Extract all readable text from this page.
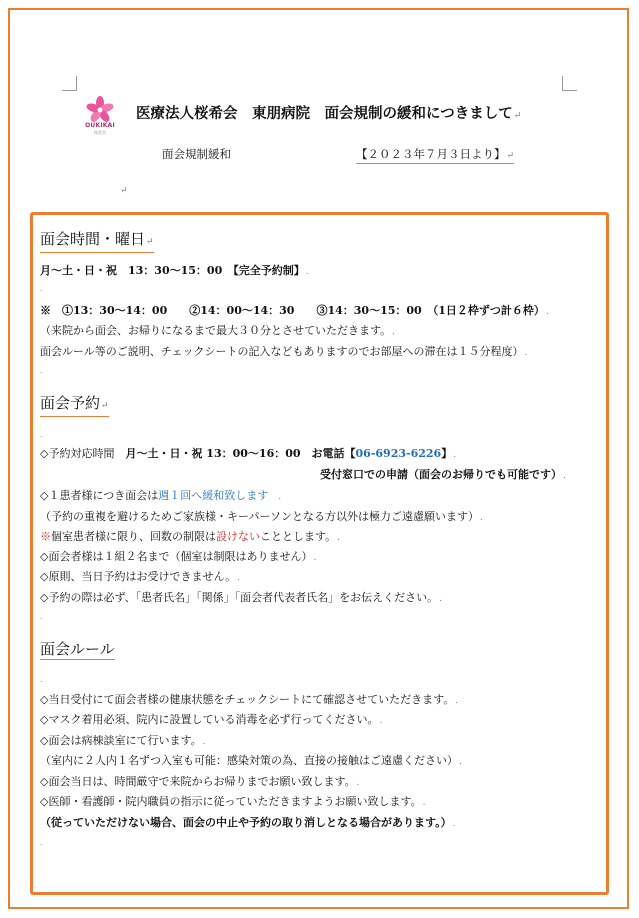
OUKIKAI
桜希会
医療法人桜希会　東朋病院　面会規制の緩和につきまして↵
面会規制緩和	【２０２３年７月３日より】↵
↵
面会時間・曜日↵
月～土・日・祝　13：30～15：00　【完全予約制】.
.
※　①13：30～14：00　　②14：00～14：30　　③14：30～15：00　（1日２枠ずつ計６枠）.
（来院から面会、お帰りになるまで最大３０分とさせていただきます。.
面会ルール等のご説明、チェックシートの記入などもありますのでお部屋への滞在は１５分程度）.
.
面会予約↵
.
◇予約対応時間　月～土・日・祝 13：00～16：00　お電話【06-6923-6226】.
受付窓口での申請（面会のお帰りでも可能です）.
◇１患者様につき面会は週１回へ緩和致します　.
（予約の重複を避けるためご家族様・キーパーソンとなる方以外は極力ご遠慮願います）.
※個室患者様に限り、回数の制限は設けないこととします。.
◇面会者様は１組２名まで（個室は制限はありません）.
◇原則、当日予約はお受けできません。.
◇予約の際は必ず、「患者氏名」「関係」「面会者代表者氏名」をお伝えください。.
.
面会ルール
.
◇当日受付にて面会者様の健康状態をチェックシートにて確認させていただきます。.
◇マスク着用必須、院内に設置している消毒を必ず行ってください。.
◇面会は病棟談室にて行います。.
（室内に２人内１名ずつ入室も可能：感染対策の為、直接の接触はご遠慮ください）.
◇面会当日は、時間厳守で来院からお帰りまでお願い致します。.
◇医師・看護師・院内職員の指示に従っていただきますようお願い致します。.
（従っていただけない場合、面会の中止や予約の取り消しとなる場合があります。）.
.
